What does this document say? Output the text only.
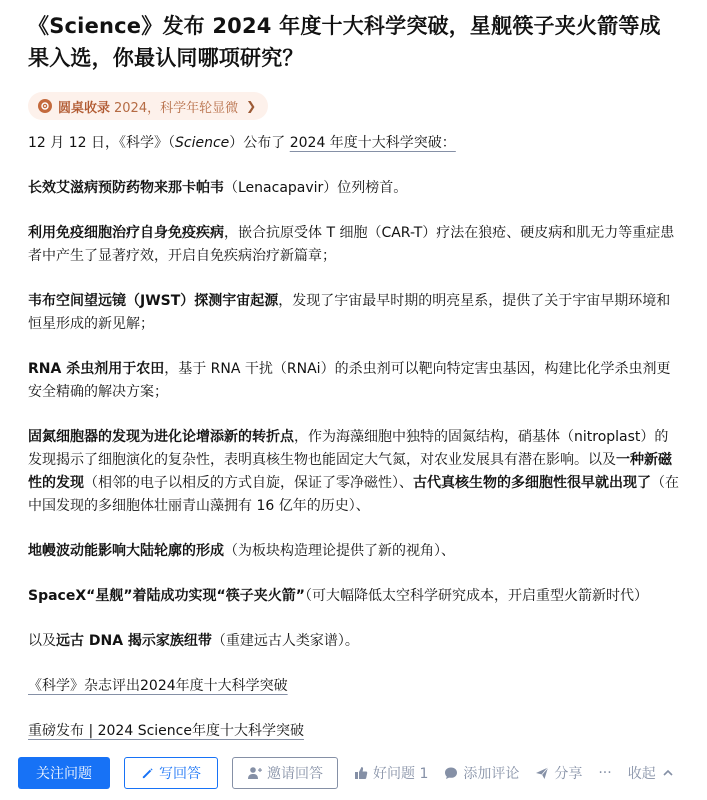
《Science》发布 2024 年度十大科学突破，星舰筷子夹火箭等成果入选，你最认同哪项研究？
圆桌收录 2024，科学年轮显微 ❯

12 月 12 日，《科学》（Science）公布了 2024 年度十大科学突破：

长效艾滋病预防药物来那卡帕韦（Lenacapavir）位列榜首。

利用免疫细胞治疗自身免疫疾病，嵌合抗原受体 T 细胞（CAR-T）疗法在狼疮、硬皮病和肌无力等重症患者中产生了显著疗效，开启自免疾病治疗新篇章；

韦布空间望远镜（JWST）探测宇宙起源，发现了宇宙最早时期的明亮星系，提供了关于宇宙早期环境和恒星形成的新见解；

RNA 杀虫剂用于农田，基于 RNA 干扰（RNAi）的杀虫剂可以靶向特定害虫基因，构建比化学杀虫剂更安全精确的解决方案；

固氮细胞器的发现为进化论增添新的转折点，作为海藻细胞中独特的固氮结构，硝基体（nitroplast）的发现揭示了细胞演化的复杂性，表明真核生物也能固定大气氮，对农业发展具有潜在影响。以及一种新磁性的发现（相邻的电子以相反的方式自旋，保证了零净磁性）、古代真核生物的多细胞性很早就出现了（在中国发现的多细胞体壮丽青山藻拥有 16 亿年的历史）、

地幔波动能影响大陆轮廓的形成（为板块构造理论提供了新的视角）、

SpaceX“星舰”着陆成功实现“筷子夹火箭”（可大幅降低太空科学研究成本，开启重型火箭新时代）

以及远古 DNA 揭示家族纽带（重建远古人类家谱）。

《科学》杂志评出2024年度十大科学突破

重磅发布 | 2024 Science年度十大科学突破

关注问题	写回答	邀请回答	好问题 1	添加评论	分享 ··· 收起
